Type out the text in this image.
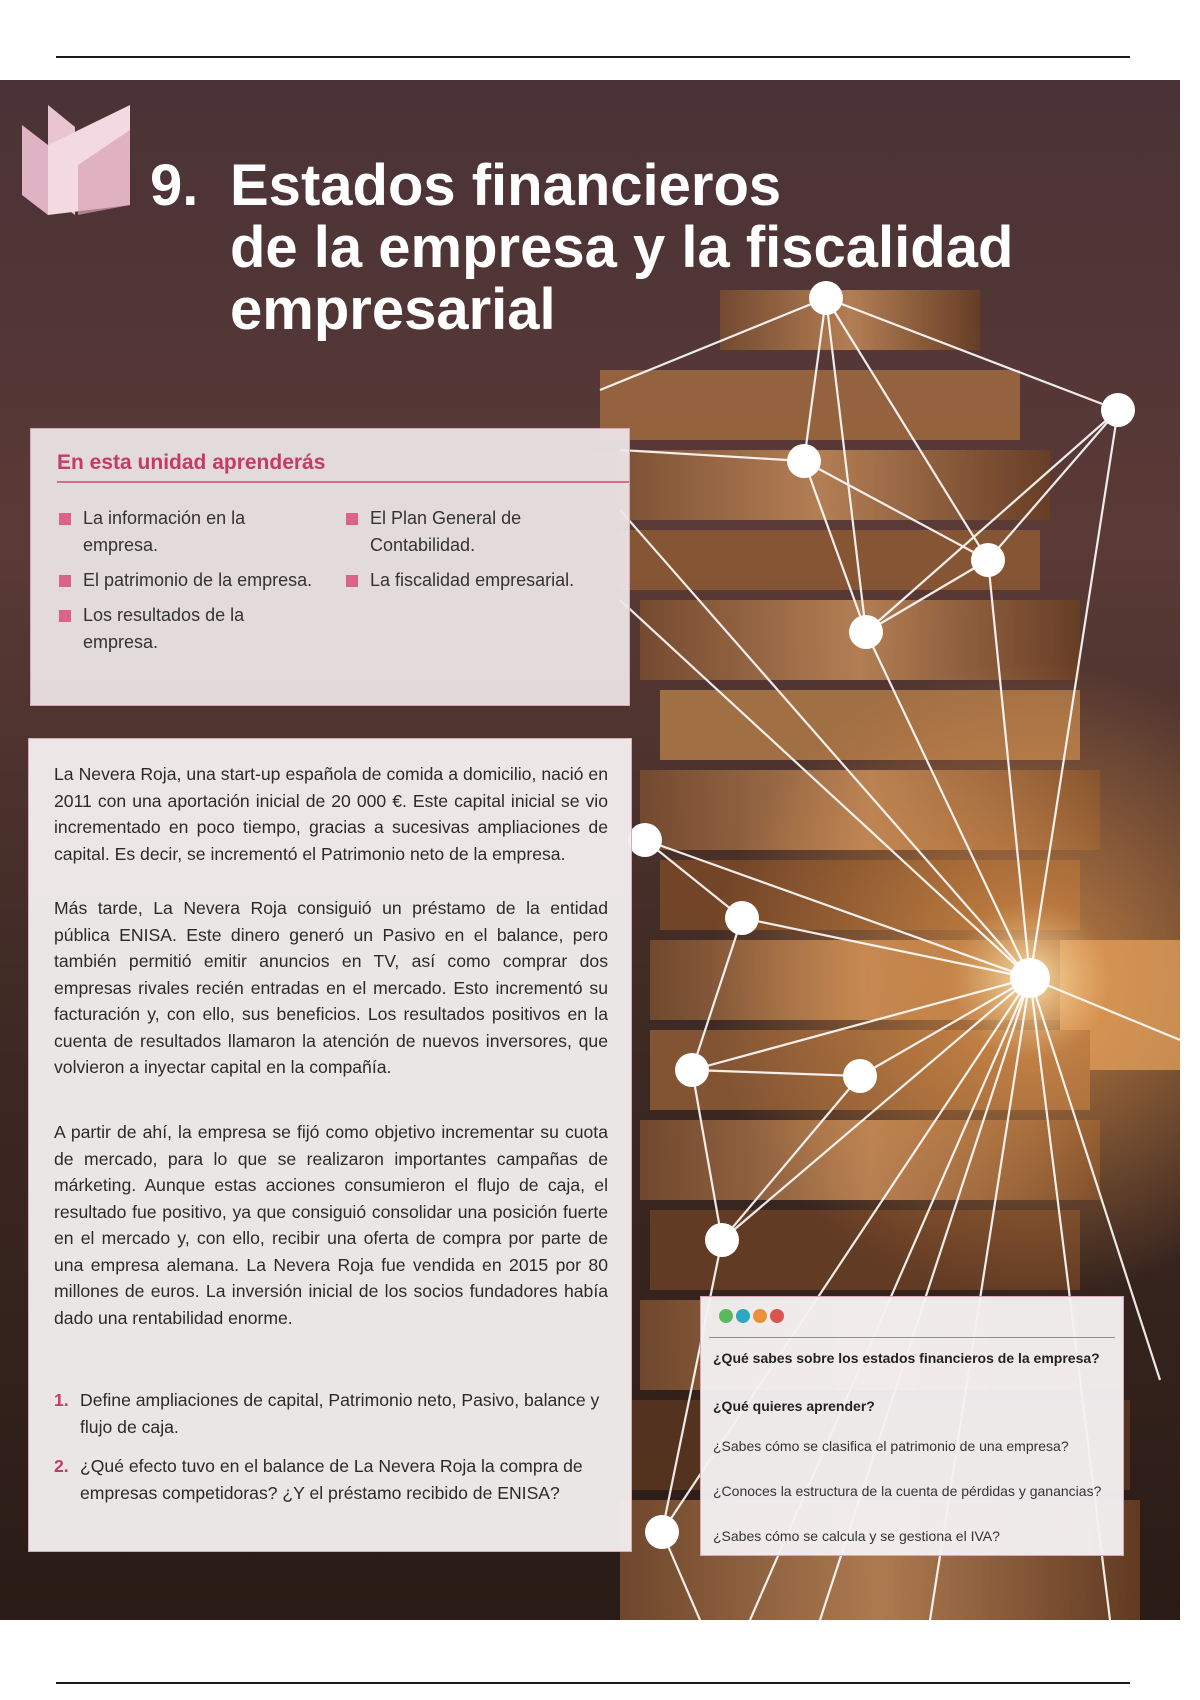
9. Estados financieros
de la empresa y la fiscalidad
empresarial
En esta unidad aprenderás
La información en la empresa.
El patrimonio de la empresa.
Los resultados de la empresa.
El Plan General de Contabilidad.
La fiscalidad empresarial.

La Nevera Roja, una start-up española de comida a domicilio, nació en 2011 con una aportación inicial de 20 000 €. Este capital inicial se vio incrementado en poco tiempo, gracias a sucesivas ampliaciones de capital. Es decir, se incrementó el Patrimonio neto de la empresa.

Más tarde, La Nevera Roja consiguió un préstamo de la entidad pública ENISA. Este dinero generó un Pasivo en el balance, pero también permitió emitir anuncios en TV, así como comprar dos empresas rivales recién entradas en el mercado. Esto incrementó su facturación y, con ello, sus beneficios. Los resultados positivos en la cuenta de resultados llamaron la atención de nuevos inversores, que volvieron a inyectar capital en la compañía.

A partir de ahí, la empresa se fijó como objetivo incrementar su cuota de mercado, para lo que se realizaron importantes campañas de márketing. Aunque estas acciones consumieron el flujo de caja, el resultado fue positivo, ya que consiguió consolidar una posición fuerte en el mercado y, con ello, recibir una oferta de compra por parte de una empresa alemana. La Nevera Roja fue vendida en 2015 por 80 millones de euros. La inversión inicial de los socios fundadores había dado una rentabilidad enorme.

1. Define ampliaciones de capital, Patrimonio neto, Pasivo, balance y flujo de caja.
2. ¿Qué efecto tuvo en el balance de La Nevera Roja la compra de empresas competidoras? ¿Y el préstamo recibido de ENISA?
¿Qué sabes sobre los estados financieros de la empresa?
¿Qué quieres aprender?
¿Sabes cómo se clasifica el patrimonio de una empresa?
¿Conoces la estructura de la cuenta de pérdidas y ganancias?
¿Sabes cómo se calcula y se gestiona el IVA?
